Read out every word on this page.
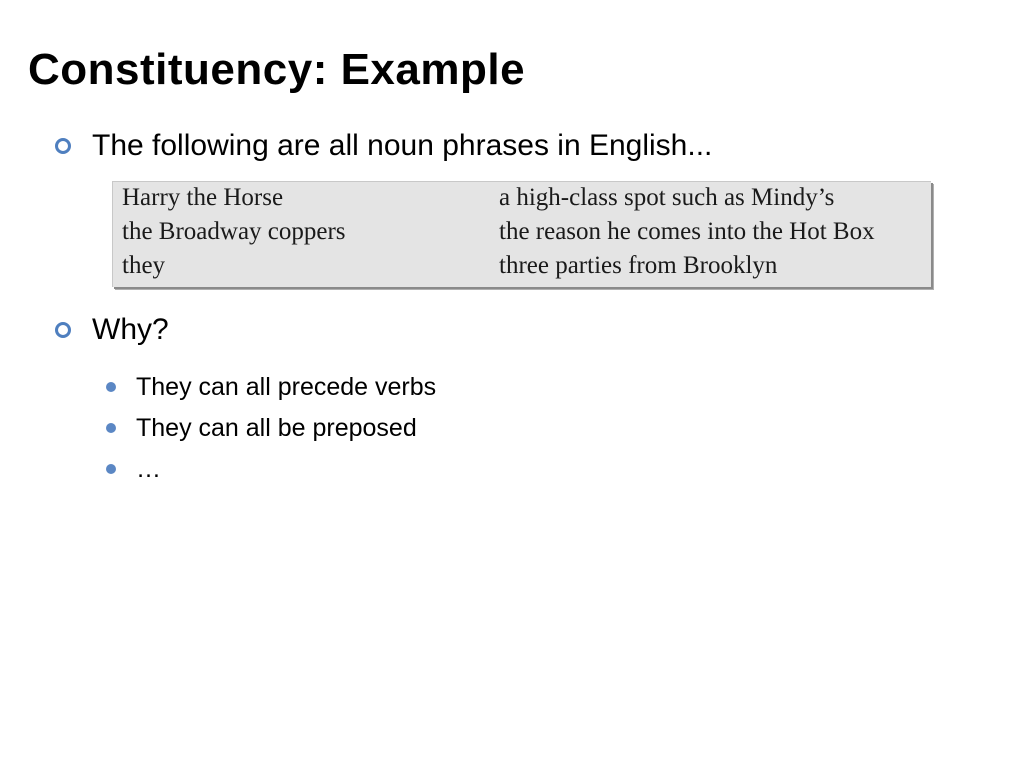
Constituency: Example
The following are all noun phrases in English...
Harry the Horse
the Broadway coppers
they
a high-class spot such as Mindy’s
the reason he comes into the Hot Box
three parties from Brooklyn
Why?
They can all precede verbs
They can all be preposed
…
